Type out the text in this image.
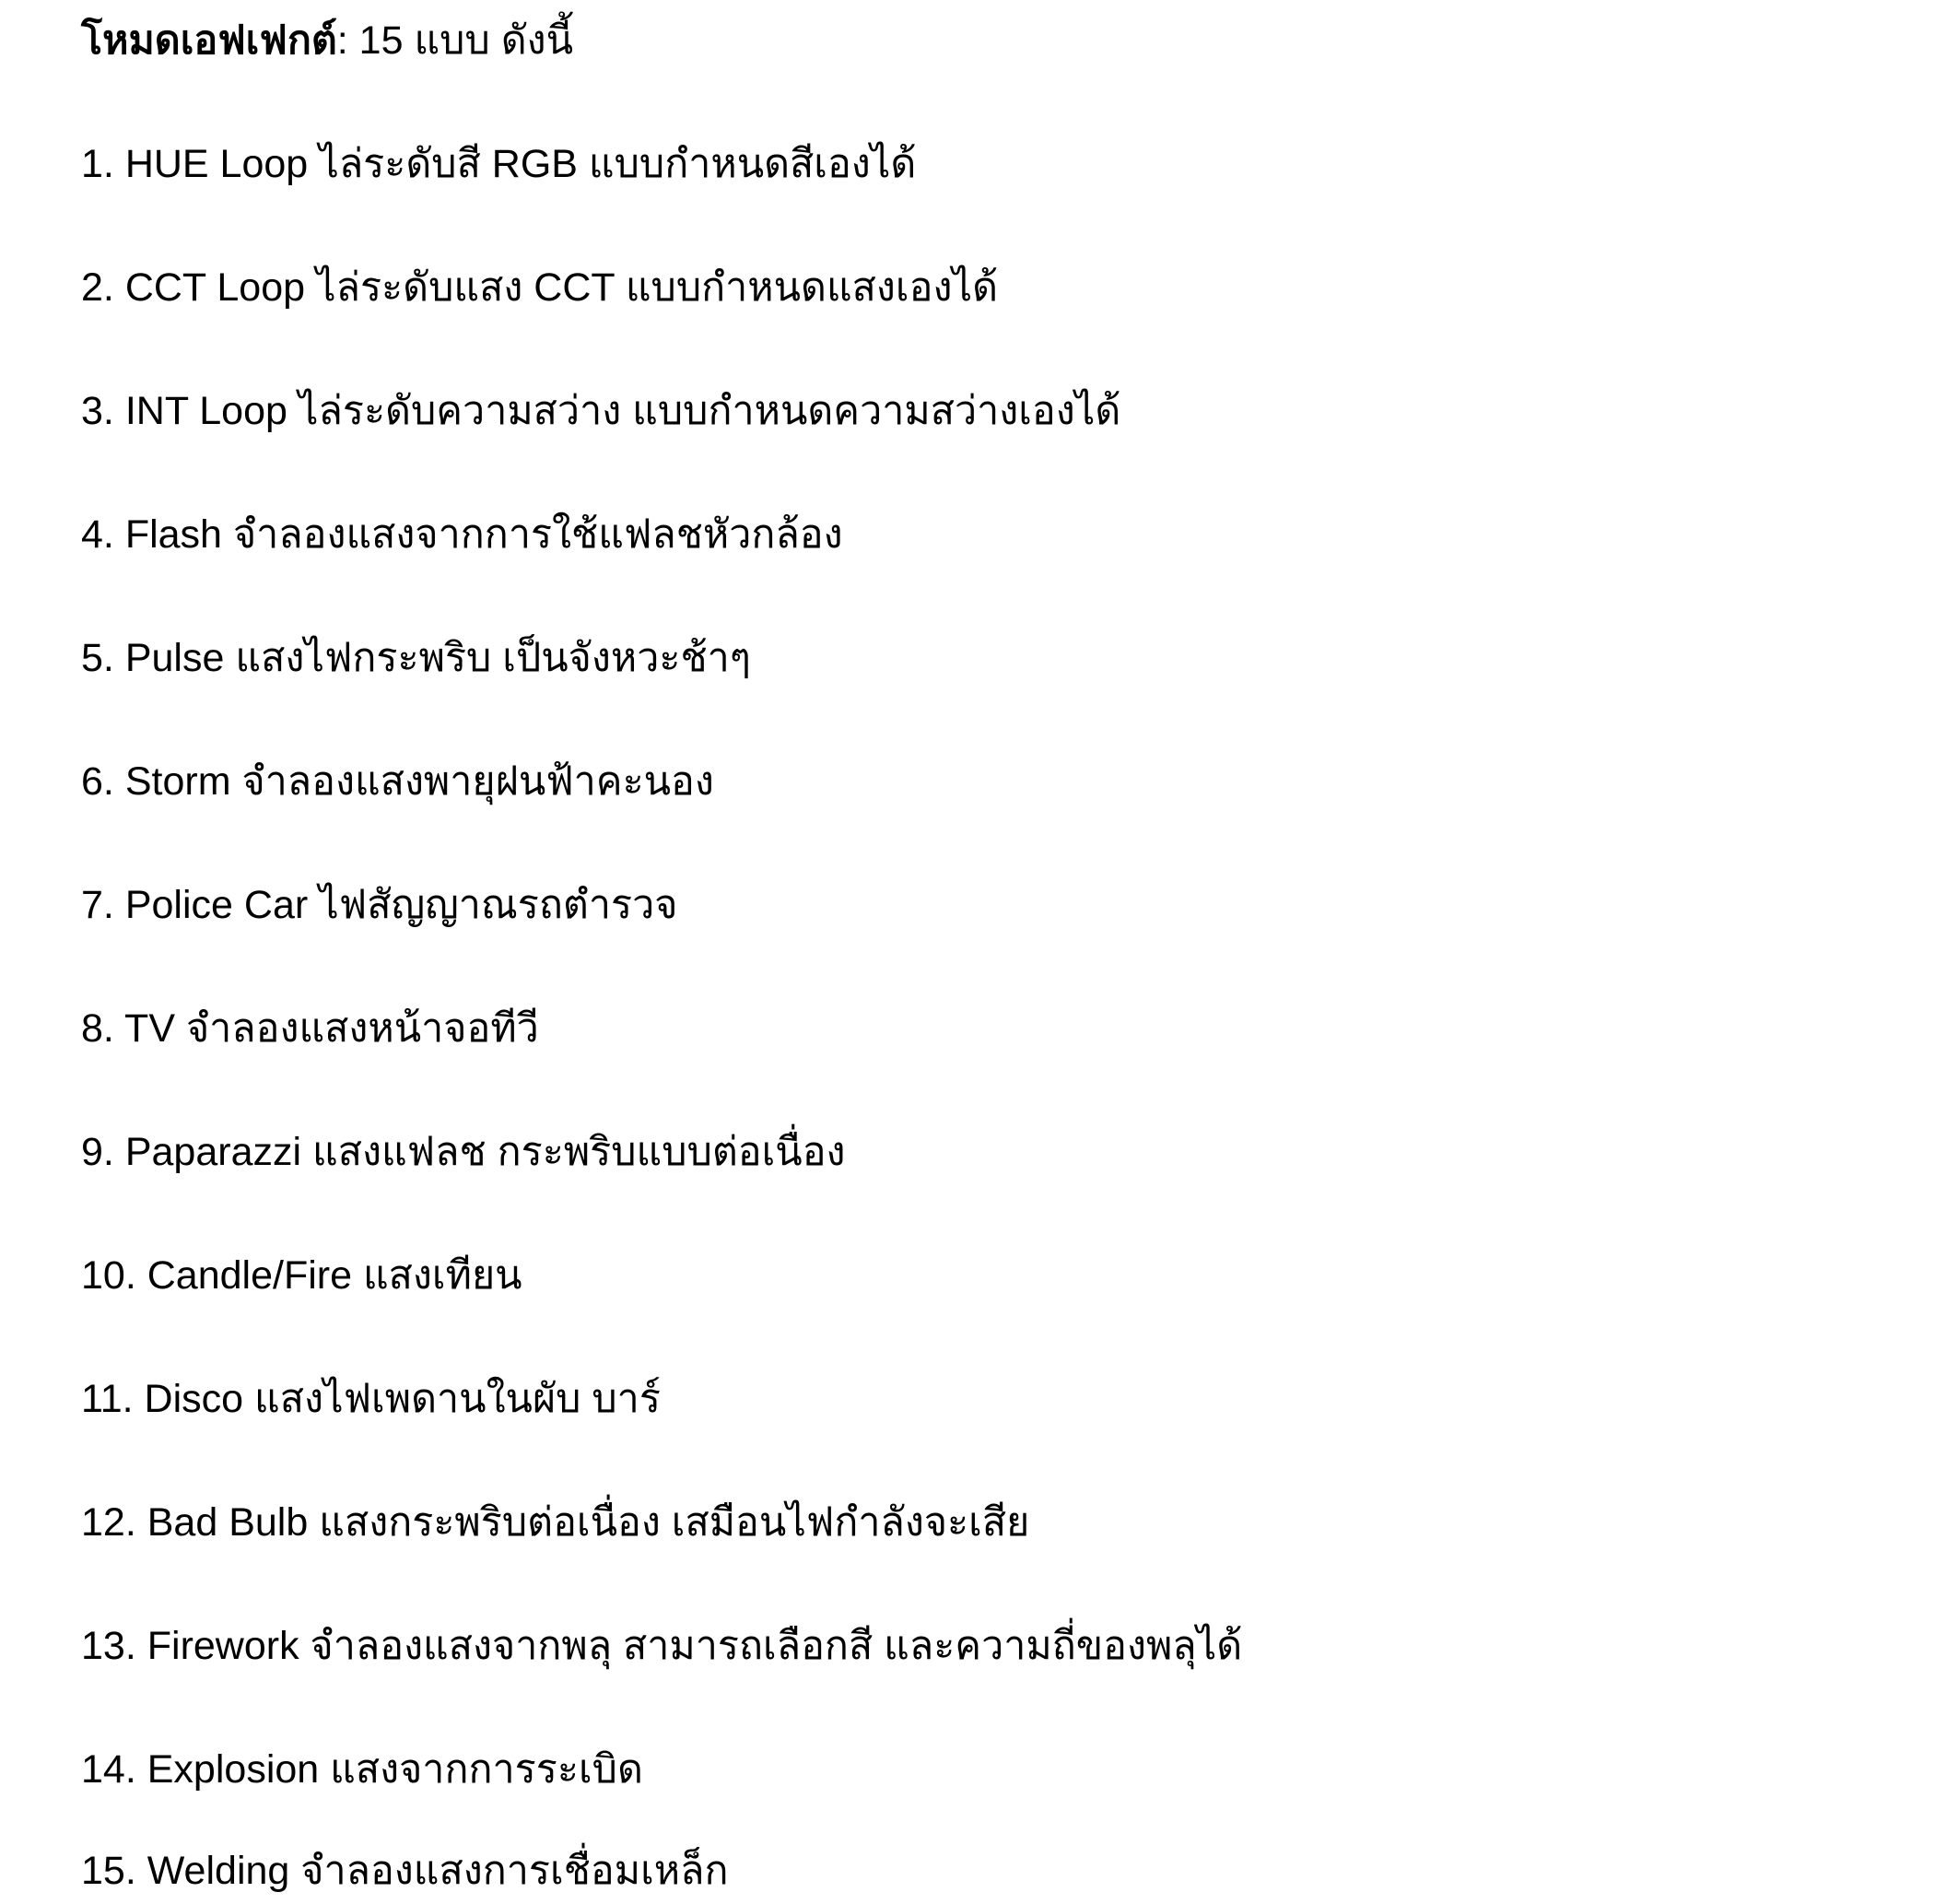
โหมดเอฟเฟกต์: 15 แบบ ดังนี้
1 . HUE Loop ไล่ระดับสี RGB แบบกำหนดสีเองได้
2 . CCT Loop ไล่ระดับแสง CCT แบบกำหนดแสงเองได้
3 . INT Loop ไล่ระดับความสว่าง แบบกำหนดความสว่างเองได้
4 . Flash จำลองแสงจากการใช้แฟลชหัวกล้อง
5 . Pulse แสงไฟกระพริบ เป็นจังหวะช้าๆ
6 . Storm จำลองแสงพายุฝนฟ้าคะนอง
7 . Police Car ไฟสัญญาณรถตำรวจ
8 . TV จำลองแสงหน้าจอทีวี
9 . Paparazzi แสงแฟลช กระพริบแบบต่อเนื่อง
10 . Candle/Fire แสงเทียน
11 . Disco แสงไฟเพดานในผับ บาร์
12 . Bad Bulb แสงกระพริบต่อเนื่อง เสมือนไฟกำลังจะเสีย
13 . Firework จำลองแสงจากพลุ สามารถเลือกสี และความถี่ของพลุได้
14 . Explosion แสงจากการระเบิด
15 . Welding จำลองแสงการเชื่อมเหล็ก
